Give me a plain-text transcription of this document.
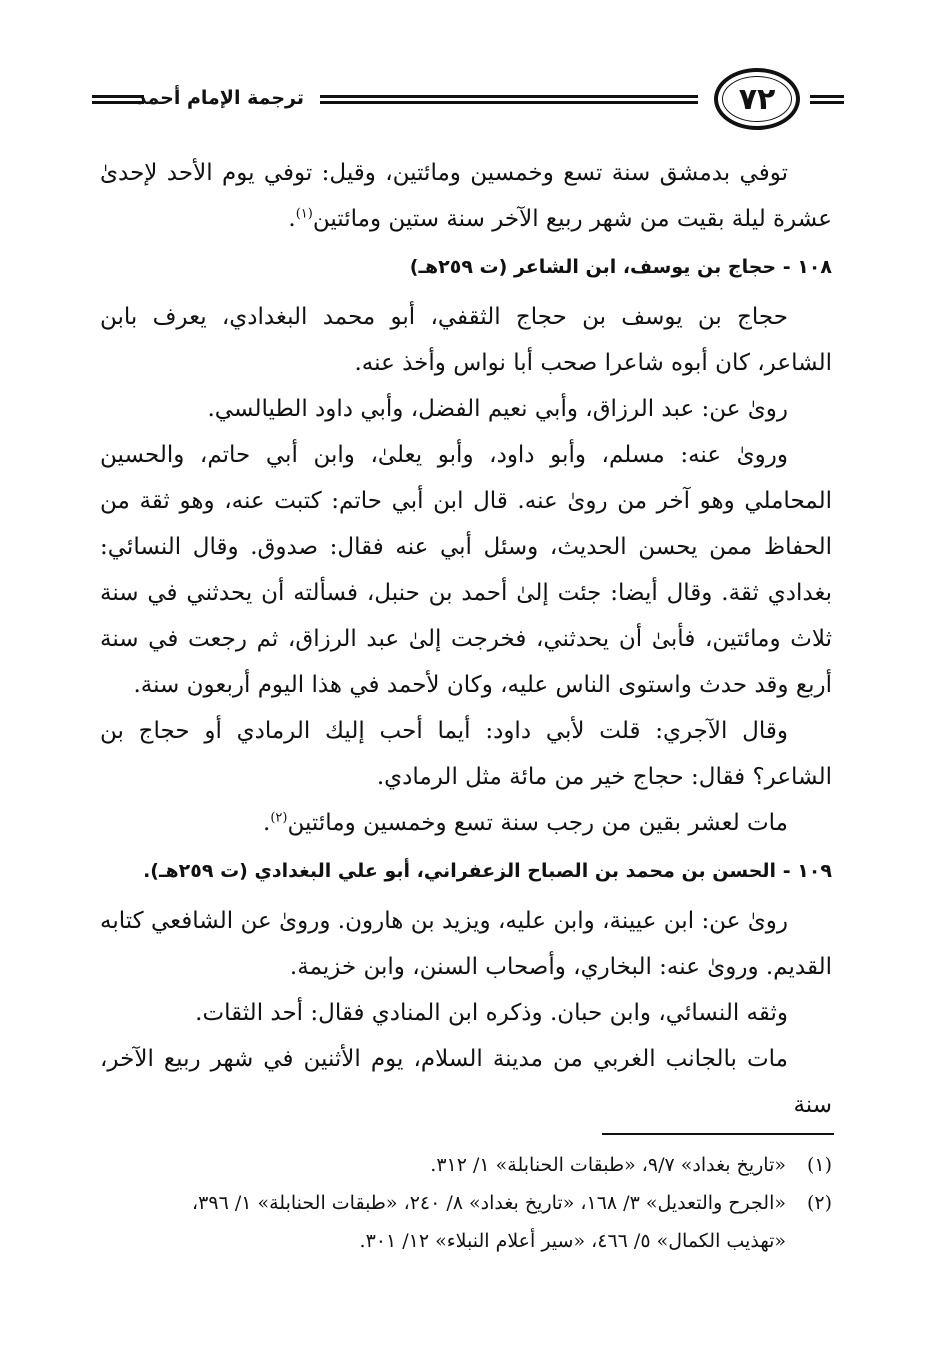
ترجمة الإمام أحمد	٧٢

توفي بدمشق سنة تسع وخمسين ومائتين، وقيل: توفي يوم الأحد لإحدىٰ عشرة ليلة بقيت من شهر ربيع الآخر سنة ستين ومائتين$^{(١)}$.

١٠٨ - حجاج بن يوسف، ابن الشاعر (ت ٢٥٩هـ)

حجاج بن يوسف بن حجاج الثقفي، أبو محمد البغدادي، يعرف بابن الشاعر، كان أبوه شاعرا صحب أبا نواس وأخذ عنه.

رویٰ عن: عبد الرزاق، وأبي نعيم الفضل، وأبي داود الطيالسي.

وروىٰ عنه: مسلم، وأبو داود، وأبو يعلىٰ، وابن أبي حاتم، والحسين المحاملي وهو آخر من رویٰ عنه. قال ابن أبي حاتم: كتبت عنه، وهو ثقة من الحفاظ ممن يحسن الحديث، وسئل أبي عنه فقال: صدوق. وقال النسائي: بغدادي ثقة. وقال أيضا: جئت إلىٰ أحمد بن حنبل، فسألته أن يحدثني في سنة ثلاث ومائتين، فأبىٰ أن يحدثني، فخرجت إلىٰ عبد الرزاق، ثم رجعت في سنة أربع وقد حدث واستوى الناس عليه، وكان لأحمد في هذا اليوم أربعون سنة.

وقال الآجري: قلت لأبي داود: أيما أحب إليك الرمادي أو حجاج بن الشاعر؟ فقال: حجاج خير من مائة مثل الرمادي.

مات لعشر بقين من رجب سنة تسع وخمسين ومائتين$^{(٢)}$.

١٠٩ - الحسن بن محمد بن الصباح الزعفراني، أبو علي البغدادي (ت ٢٥٩هـ).

رویٰ عن: ابن عيينة، وابن عليه، ويزيد بن هارون. وروىٰ عن الشافعي كتابه القديم. وروىٰ عنه: البخاري، وأصحاب السنن، وابن خزيمة.

وثقه النسائي، وابن حبان. وذكره ابن المنادي فقال: أحد الثقات.

مات بالجانب الغربي من مدينة السلام، يوم الأثنين في شهر ربيع الآخر، سنة

(١)«تاريخ بغداد» ٩/٧، «طبقات الحنابلة» ١/ ٣١٢.

(٢)«الجرح والتعديل» ٣/ ١٦٨، «تاريخ بغداد» ٨/ ٢٤٠، «طبقات الحنابلة» ١/ ٣٩٦،

«تهذيب الكمال» ٥/ ٤٦٦، «سير أعلام النبلاء» ١٢/ ٣٠١.
